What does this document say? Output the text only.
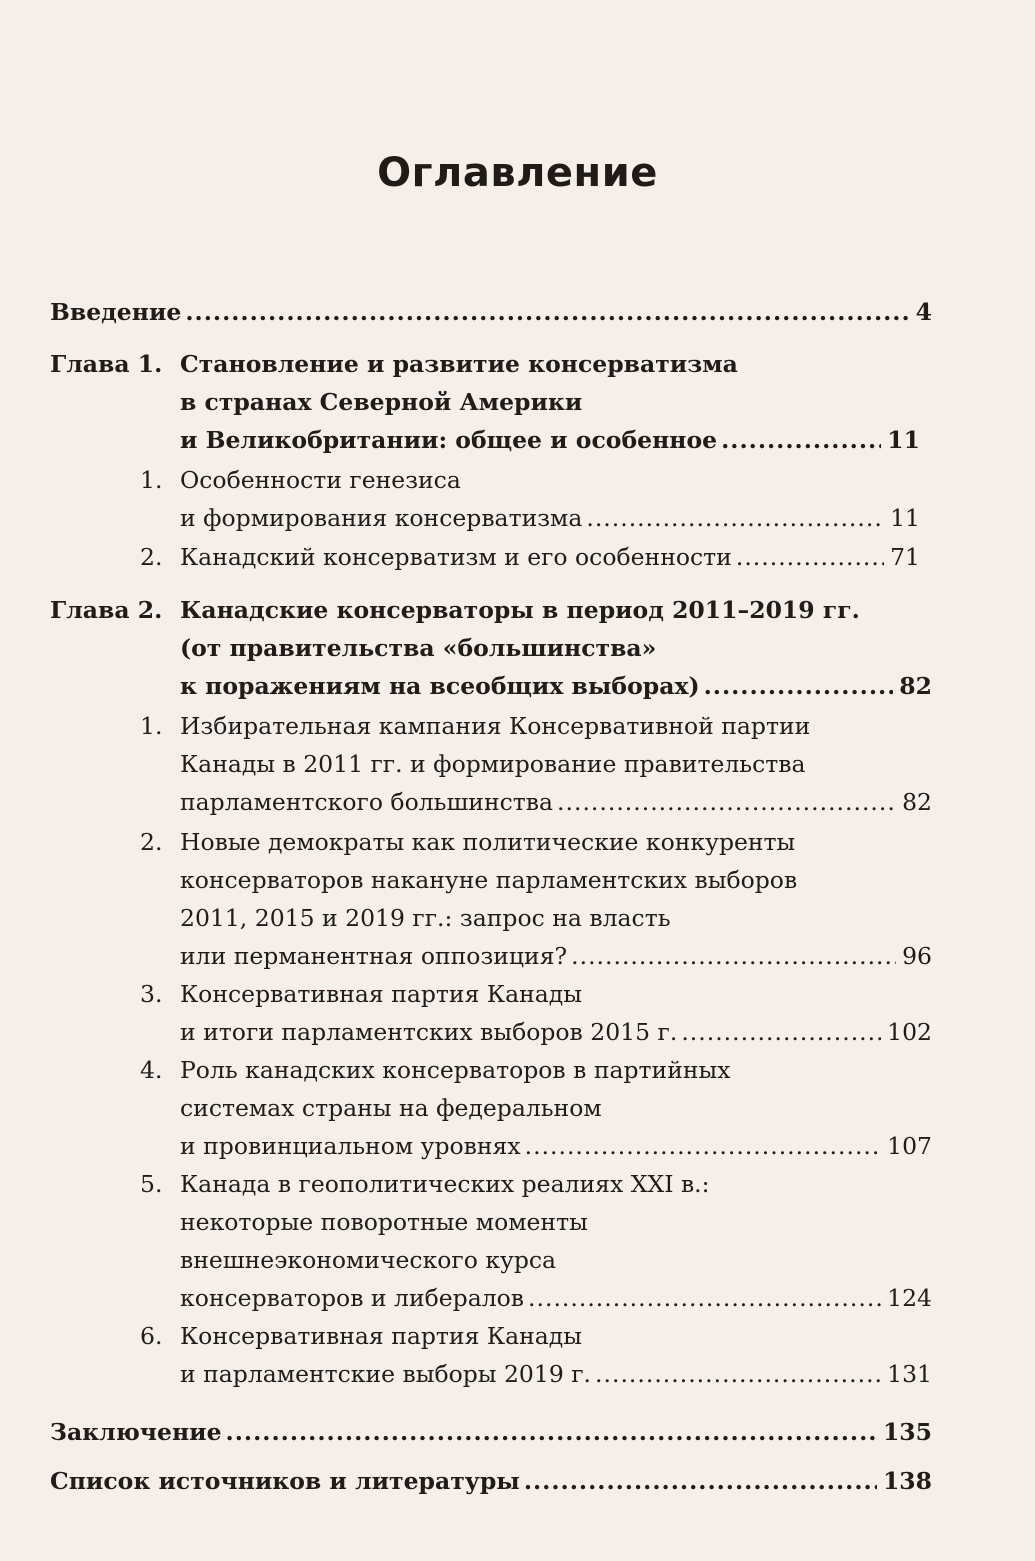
Оглавление
Введение .....	4
Глава 1. Становление и развитие консерватизма
в странах Северной Америки
и Великобритании: общее и особенное .....	11
1. Особенности генезиса
и формирования консерватизма .....	11
2. Канадский консерватизм и его особенности .....	71
Глава 2. Канадские консерваторы в период 2011–2019 гг.
(от правительства «большинства»
к поражениям на всеобщих выборах) .....	82
1. Избирательная кампания Консервативной партии
Канады в 2011 гг. и формирование правительства
парламентского большинства .....	82
2. Новые демократы как политические конкуренты
консерваторов накануне парламентских выборов
2011, 2015 и 2019 гг.: запрос на власть
или перманентная оппозиция? .....	96
3. Консервативная партия Канады
и итоги парламентских выборов 2015 г. .....	102
4. Роль канадских консерваторов в партийных
системах страны на федеральном
и провинциальном уровнях .....	107
5. Канада в геополитических реалиях XXI в.:
некоторые поворотные моменты
внешнеэкономического курса
консерваторов и либералов .....	124
6. Консервативная партия Канады
и парламентские выборы 2019 г. .....	131
Заключение .....	135
Список источников и литературы .....	138
